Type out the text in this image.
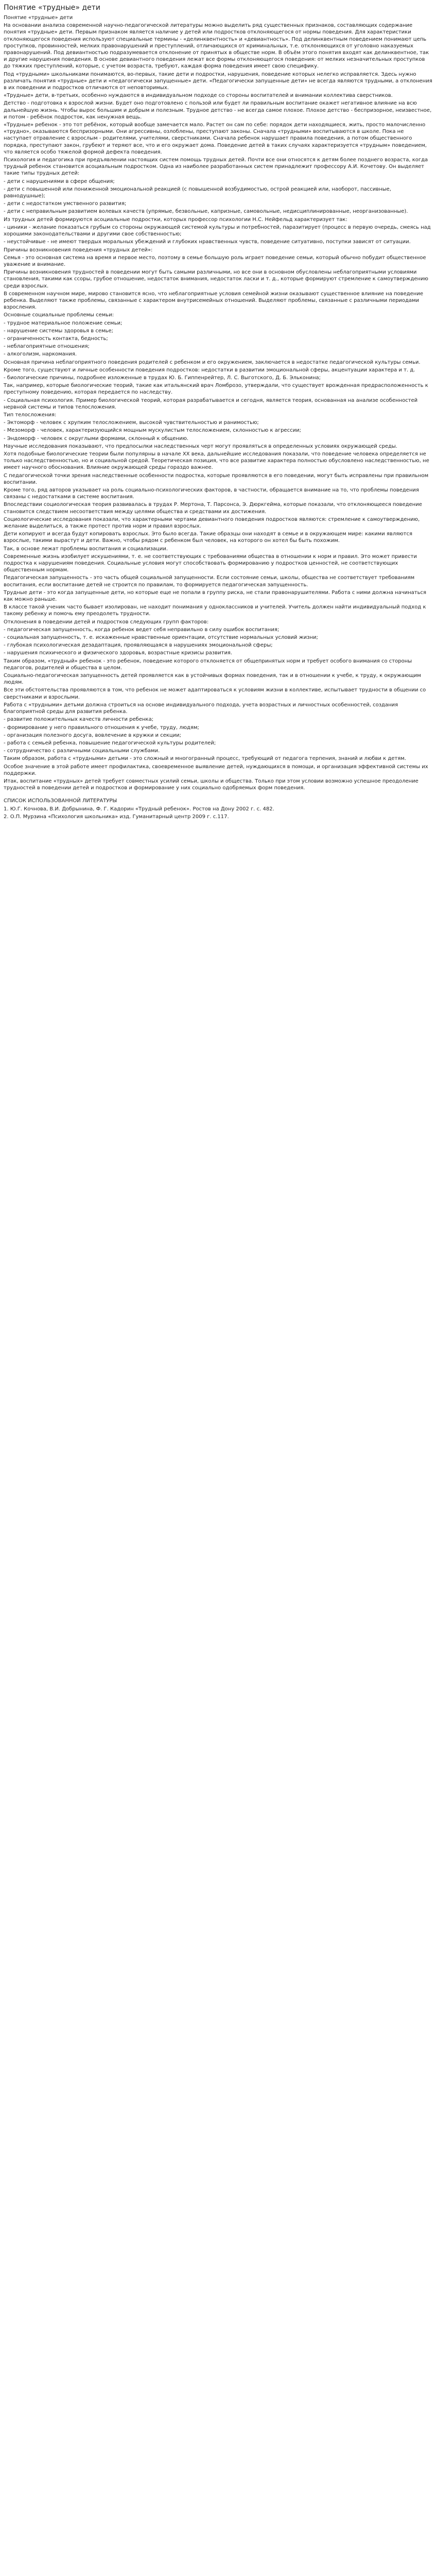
Понятие «трудные» дети

Понятие «трудные» дети

На основании анализа современной научно-педагогической литературы можно выделить ряд существенных признаков, составляющих содержание понятия «трудные» дети. Первым признаком является наличие у детей или подростков отклоняющегося от нормы поведения. Для характеристики отклоняющегося поведения используют специальные термины - «делинквентность» и «девиантность». Под делинквентным поведением понимают цепь проступков, провинностей, мелких правонарушений и преступлений, отличающихся от криминальных, т.е. отклоняющихся от уголовно наказуемых правонарушений. Под девиантностью подразумевается отклонение от принятых в обществе норм. В объём этого понятия входят как делинквентное, так и другие нарушения поведения. В основе девиантного поведения лежат все формы отклоняющегося поведения: от мелких незначительных проступков до тяжких преступлений, которые, с учетом возраста, требуют, каждая форма поведения имеет свою специфику.

Под «трудными» школьниками понимаются, во-первых, такие дети и подростки, нарушения, поведение которых нелегко исправляется. Здесь нужно различать понятия «трудные» дети и «педагогически запущенные» дети. «Педагогически запущенные дети» не всегда являются трудными, а отклонения в их поведении и подростков отличаются от неповторимых.

«Трудные» дети, в-третьих, особенно нуждаются в индивидуальном подходе со стороны воспитателей и внимании коллектива сверстников.

Детство - подготовка к взрослой жизни. Будет оно подготовлено с пользой или будет ли правильным воспитание окажет негативное влияние на всю дальнейшую жизнь. Чтобы вырос большим и добрым и полезным. Трудное детство - не всегда самое плохое. Плохое детство - беспризорное, неизвестное, и потом - ребёнок подросток, как ненужная вещь.

«Трудные» ребенок - это тот ребёнок, который вообще замечается мало. Растет он сам по себе: порядок дети находящиеся, жить, просто малочисленно «трудно», оказываются беспризорными. Они агрессивны, озлоблены, преступают законы. Сначала «трудными» воспитываются в школе. Пока не наступает отравление с взрослым - родителями, учителями, сверстниками. Сначала ребенок нарушает правила поведения, а потом общественного порядка, преступают закон, грубеют и теряют все, что и его окружает дома. Поведение детей в таких случаях характеризуется «трудным» поведением, что является особо тяжелой формой дефекта поведения.

Психология и педагогика при предъявлении настоящих систем помощь трудных детей. Почти все они относятся к детям более позднего возраста, когда трудный ребенок становится асоциальным подростком. Одна из наиболее разработанных систем принадлежит профессору А.И. Кочетову. Он выделяет такие типы трудных детей:

- дети с нарушениями в сфере общения;

- дети с повышенной или пониженной эмоциональной реакцией (с повышенной возбудимостью, острой реакцией или, наоборот, пассивные, равнодушные);

- дети с недостатком умственного развития;

- дети с неправильным развитием волевых качеств (упрямые, безвольные, капризные, самовольные, недисциплинированные, неорганизованные).

Из трудных детей формируются асоциальные подростки, которых профессор психологии Н.С. Нейфельд характеризует так:

- циники - желание показаться грубым со стороны окружающей системой культуры и потребностей, паразитирует (процесс в первую очередь, смеясь над хорошими законодательствами и другими свое собственностью;

- неустойчивые - не имеют твердых моральных убеждений и глубоких нравственных чувств, поведение ситуативно, поступки зависят от ситуации.

Причины возникновения поведения «трудных детей»:

Семья - это основная система на время и первое место, поэтому в семье большую роль играет поведение семьи, который обычно побудит общественное уважение и внимание.

Причины возникновения трудностей в поведении могут быть самыми различными, но все они в основном обусловлены неблагоприятными условиями становления, такими как ссоры, грубое отношение, недостаток внимания, недостаток ласки и т. д., которые формируют стремление к самоутверждению среди взрослых.

В современном научном мире, мирово становится ясно, что неблагоприятные условия семейной жизни оказывают существенное влияние на поведение ребенка. Выделяют также проблемы, связанные с характером внутрисемейных отношений. Выделяют проблемы, связанные с различными периодами взросления.

Основные социальные проблемы семьи:

- трудное материальное положение семьи;

- нарушение системы здоровья в семье;

- ограниченность контакта, бедность;

- неблагоприятные отношения;

- алкоголизм, наркомания.

Основная причина неблагоприятного поведения родителей с ребенком и его окружением, заключается в недостатке педагогической культуры семьи.

Кроме того, существуют и личные особенности поведения подростков: недостатки в развитии эмоциональной сферы, акцентуации характера и т. д.

- биологические причины, подробнее изложенные в трудах Ю. Б. Гиппенрейтер, Л. С. Выготского, Д. Б. Эльконина;

Так, например, которые биологические теорий, такие как итальянский врач Ломброзо, утверждали, что существует врожденная предрасположенность к преступному поведению, которая передается по наследству.

- Социальная психология. Пример биологической теорий, которая разрабатывается и сегодня, является теория, основанная на анализе особенностей нервной системы и типов телосложения.

Тип телосложения:

- Эктоморф - человек с хрупким телосложением, высокой чувствительностью и ранимостью;

- Мезоморф - человек, характеризующийся мощным мускулистым телосложением, склонностью к агрессии;

- Эндоморф - человек с округлыми формами, склонный к общению.

Научные исследования показывают, что предпосылки наследственных черт могут проявляться в определенных условиях окружающей среды.

Хотя подобные биологические теории были популярны в начале XX века, дальнейшие исследования показали, что поведение человека определяется не только наследственностью, но и социальной средой. Теоретическая позиция, что все развитие характера полностью обусловлено наследственностью, не имеет научного обоснования. Влияние окружающей среды гораздо важнее.

С педагогической точки зрения наследственные особенности подростка, которые проявляются в его поведении, могут быть исправлены при правильном воспитании.

Кроме того, ряд авторов указывает на роль социально-психологических факторов, в частности, обращается внимание на то, что проблемы поведения связаны с недостатками в системе воспитания.

Впоследствии социологическая теория развивалась в трудах Р. Мертона, Т. Парсонса, Э. Дюркгейма, которые показали, что отклоняющееся поведение становится следствием несоответствия между целями общества и средствами их достижения.

Социологические исследования показали, что характерными чертами девиантного поведения подростков являются: стремление к самоутверждению, желание выделиться, а также протест против норм и правил взрослых.

Дети копируют и всегда будут копировать взрослых. Это было всегда. Такие образцы они находят в семье и в окружающем мире: какими являются взрослые, такими вырастут и дети. Важно, чтобы рядом с ребенком был человек, на которого он хотел бы быть похожим.

Так, в основе лежат проблемы воспитания и социализации.

Современные жизнь изобилует искушениями, т. е. не соответствующих с требованиями общества в отношении к норм и правил. Это может привести подростка к нарушениям поведения. Социальные условия могут способствовать формированию у подростков ценностей, не соответствующих общественным нормам.

Педагогическая запущенность - это часть общей социальной запущенности. Если состояние семьи, школы, общества не соответствует требованиям воспитания, если воспитание детей не строится по правилам, то формируется педагогическая запущенность.

Трудные дети - это когда запущенные дети, но которые еще не попали в группу риска, не стали правонарушителями. Работа с ними должна начинаться как можно раньше.

В классе такой ученик часто бывает изолирован, не находит понимания у одноклассников и учителей. Учитель должен найти индивидуальный подход к такому ребенку и помочь ему преодолеть трудности.

Отклонения в поведении детей и подростков следующих групп факторов:

- педагогическая запущенность, когда ребенок ведет себя неправильно в силу ошибок воспитания;

- социальная запущенность, т. е. искаженные нравственные ориентации, отсутствие нормальных условий жизни;

- глубокая психологическая дезадаптация, проявляющаяся в нарушениях эмоциональной сферы;

- нарушения психического и физического здоровья, возрастные кризисы развития.

Таким образом, «трудный» ребенок - это ребенок, поведение которого отклоняется от общепринятых норм и требует особого внимания со стороны педагогов, родителей и общества в целом.

Социально-педагогическая запущенность детей проявляется как в устойчивых формах поведения, так и в отношении к учебе, к труду, к окружающим людям.

Все эти обстоятельства проявляются в том, что ребенок не может адаптироваться к условиям жизни в коллективе, испытывает трудности в общении со сверстниками и взрослыми.

Работа с «трудными» детьми должна строиться на основе индивидуального подхода, учета возрастных и личностных особенностей, создания благоприятной среды для развития ребенка.

- развитие положительных качеств личности ребенка;

- формирование у него правильного отношения к учебе, труду, людям;

- организация полезного досуга, вовлечение в кружки и секции;

- работа с семьей ребенка, повышение педагогической культуры родителей;

- сотрудничество с различными социальными службами.

Таким образом, работа с «трудными» детьми - это сложный и многогранный процесс, требующий от педагога терпения, знаний и любви к детям.

Особое значение в этой работе имеет профилактика, своевременное выявление детей, нуждающихся в помощи, и организация эффективной системы их поддержки.

Итак, воспитание «трудных» детей требует совместных усилий семьи, школы и общества. Только при этом условии возможно успешное преодоление трудностей в поведении детей и подростков и формирование у них социально одобряемых форм поведения.

СПИСОК ИСПОЛЬЗОВАННОЙ ЛИТЕРАТУРЫ

1. Ю.Г. Кочнова, В.И. Добрынина, Ф. Г. Кадорин «Трудный ребенок». Ростов на Дону 2002 г. с. 482.

2. О.П. Мурзина «Психология школьника» изд. Гуманитарный центр 2009 г. с.117.
